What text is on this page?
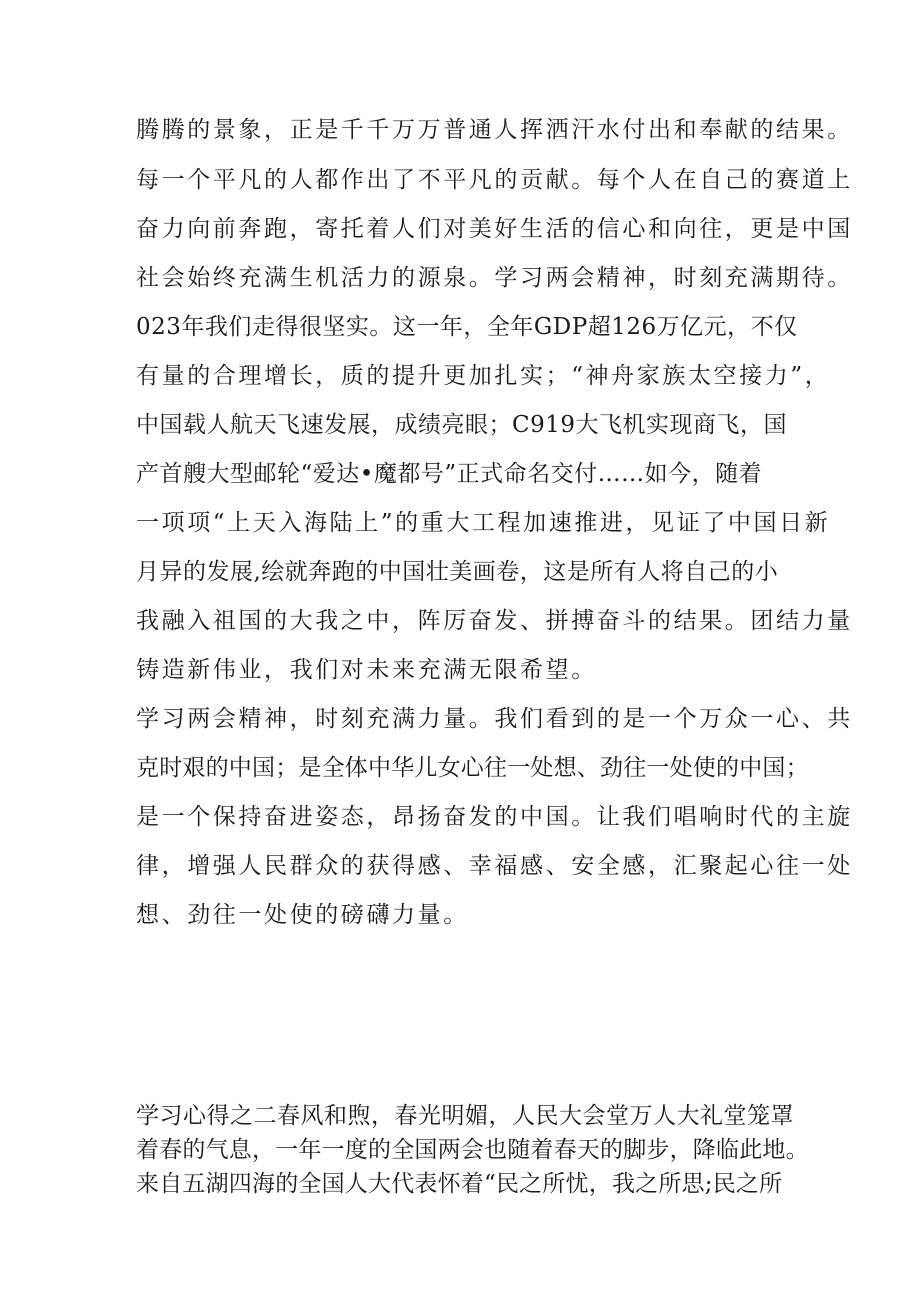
腾腾的景象，正是千千万万普通人挥洒汗水付出和奉献的结果。
每一个平凡的人都作出了不平凡的贡献。每个人在自己的赛道上
奋力向前奔跑，寄托着人们对美好生活的信心和向往，更是中国
社会始终充满生机活力的源泉。学习两会精神，时刻充满期待。
023年我们走得很坚实。这一年，全年GDP超126万亿元，不仅
有量的合理增长，质的提升更加扎实；“神舟家族太空接力”，
中国载人航天飞速发展，成绩亮眼；C919大飞机实现商飞，国
产首艘大型邮轮“爱达•魔都号”正式命名交付……如今，随着
一项项“上天入海陆上”的重大工程加速推进，见证了中国日新
月异的发展,绘就奔跑的中国壮美画卷，这是所有人将自己的小
我融入祖国的大我之中，阵厉奋发、拼搏奋斗的结果。团结力量
铸造新伟业，我们对未来充满无限希望。
学习两会精神，时刻充满力量。我们看到的是一个万众一心、共
克时艰的中国；是全体中华儿女心往一处想、劲往一处使的中国；
是一个保持奋进姿态，昂扬奋发的中国。让我们唱响时代的主旋
律，增强人民群众的获得感、幸福感、安全感，汇聚起心往一处
想、劲往一处使的磅礴力量。
学习心得之二春风和煦，春光明媚，人民大会堂万人大礼堂笼罩
着春的气息，一年一度的全国两会也随着春天的脚步，降临此地。
来自五湖四海的全国人大代表怀着“民之所忧，我之所思;民之所
